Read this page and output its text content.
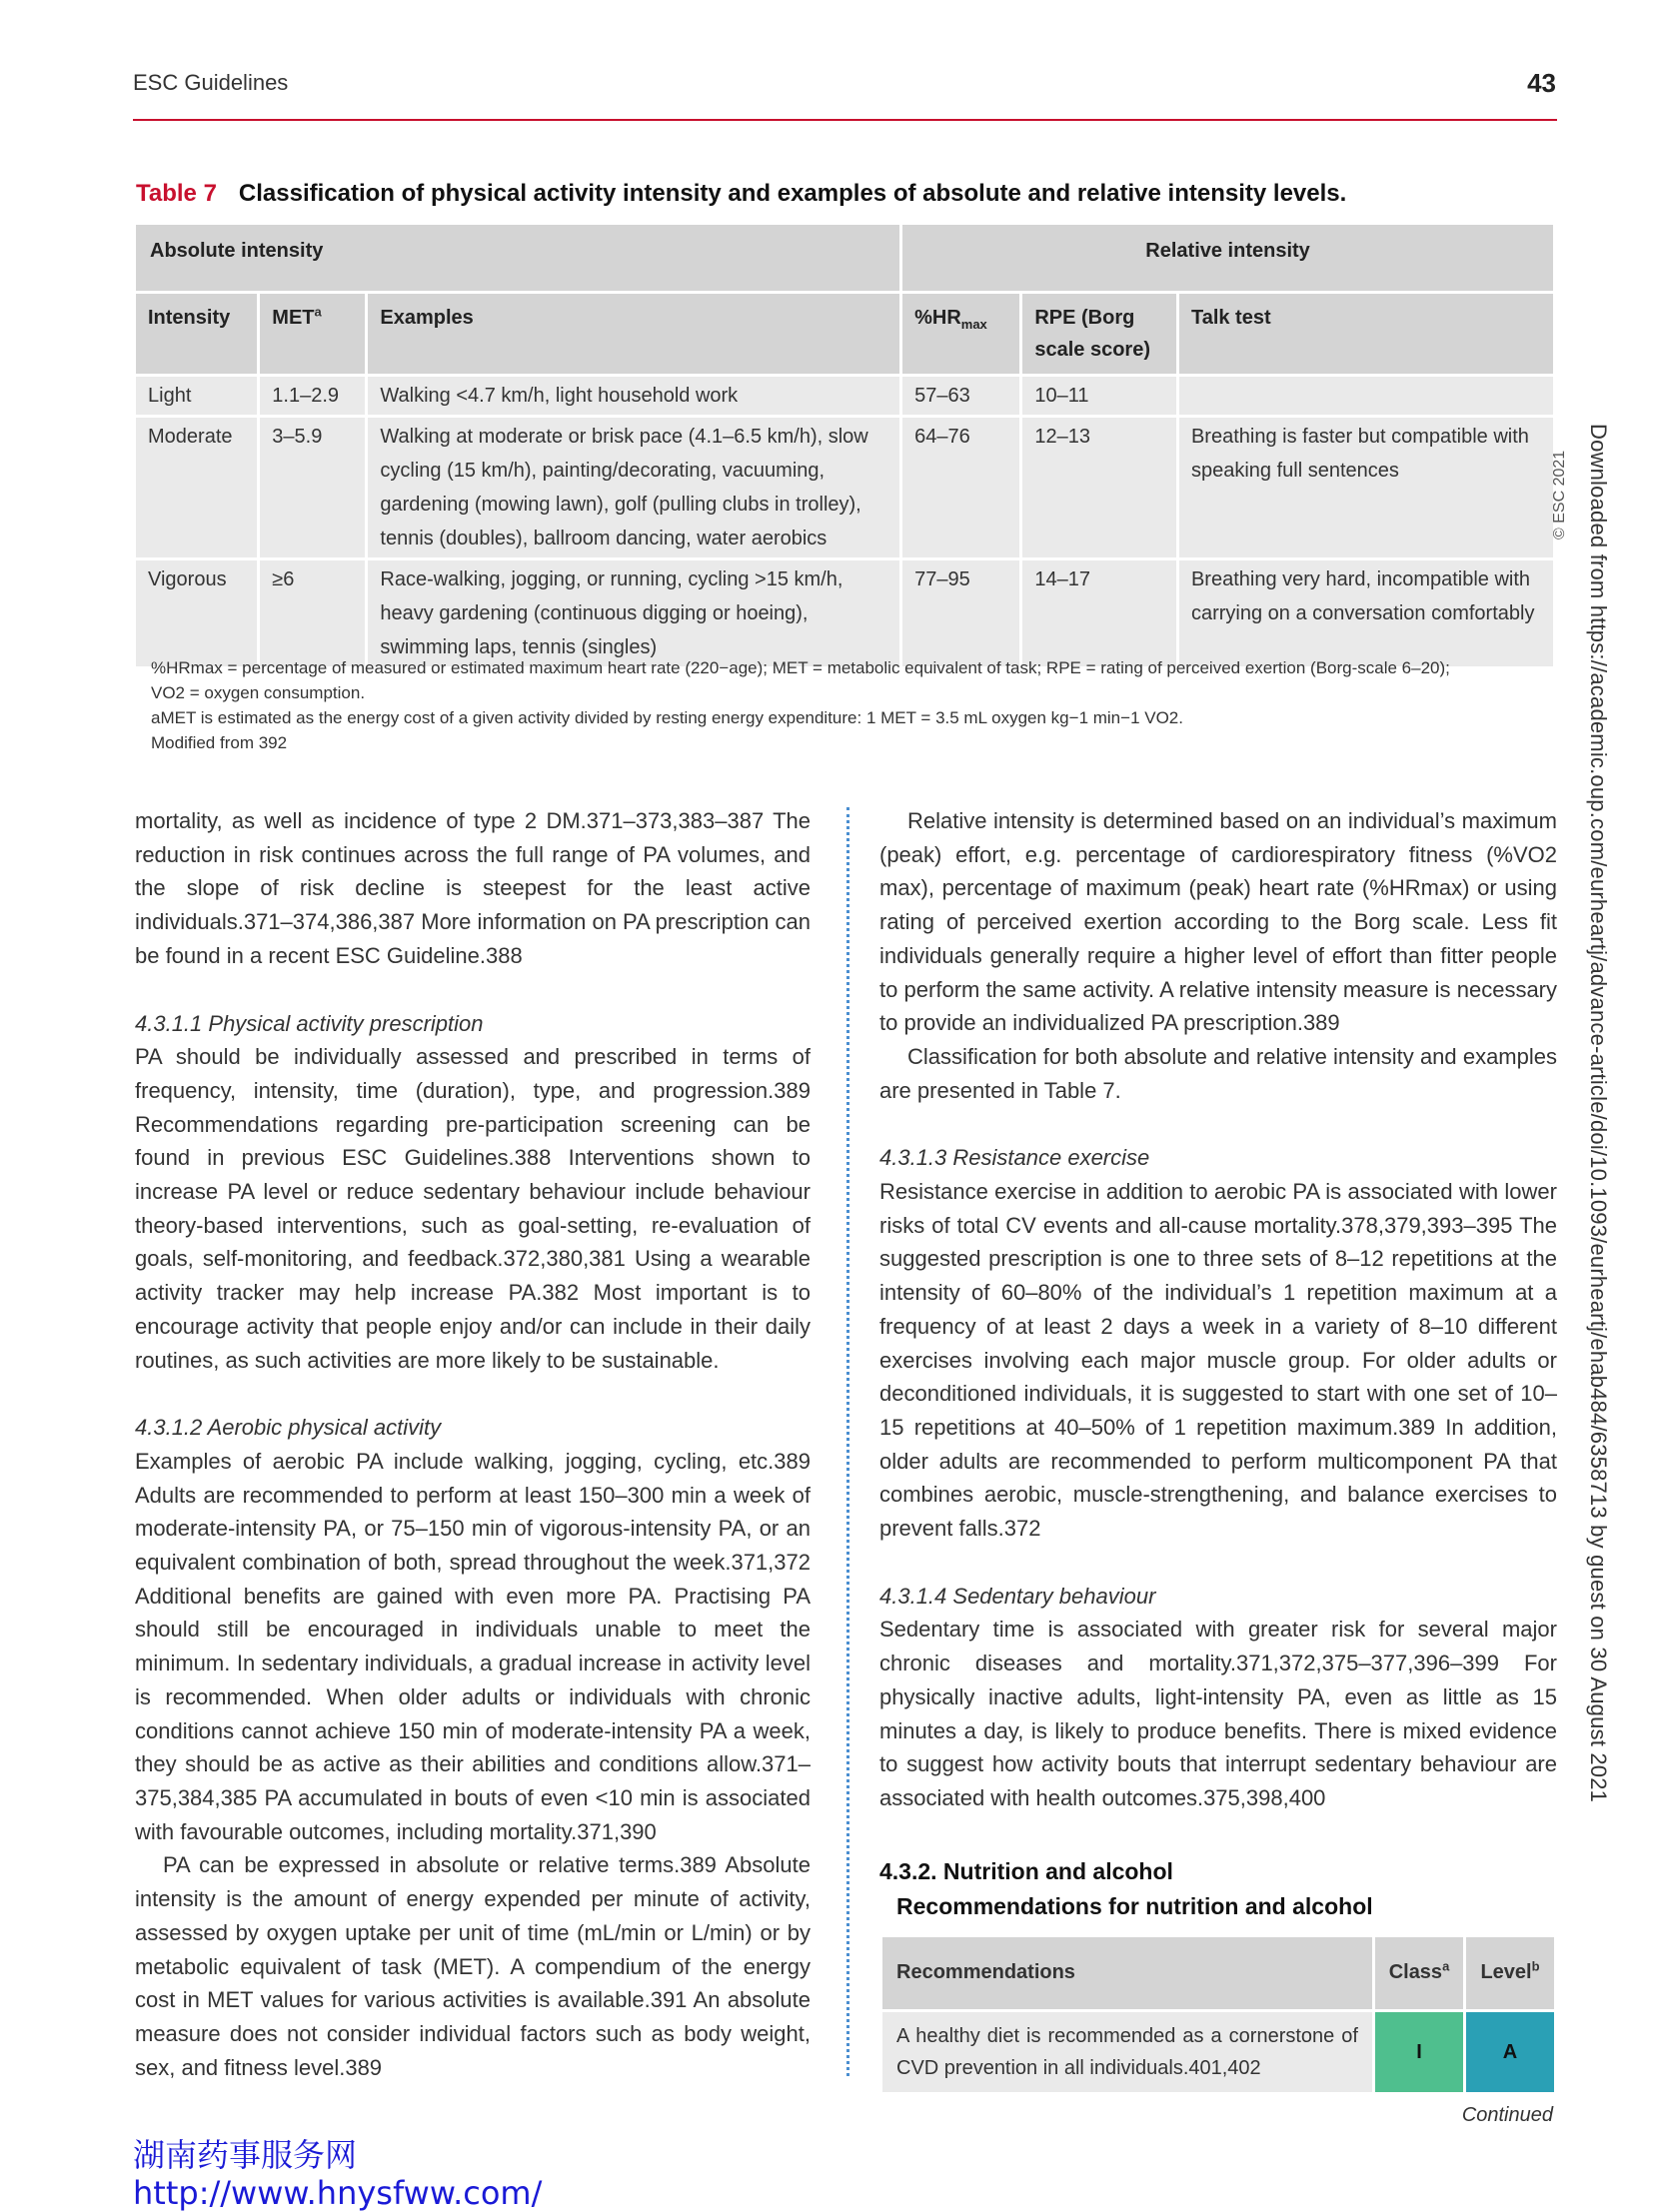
ESC Guidelines	43
Table 7 Classification of physical activity intensity and examples of absolute and relative intensity levels.
Absolute intensity			Relative intensity		
Intensity	MET$^a$	Examples	$\%HR_{max}$	RPE (Borg scale score)	Talk test
Light	1.1–2.9	Walking <4.7 km/h, light household work	57–63	10–11	
Moderate	3–5.9	Walking at moderate or brisk pace (4.1–6.5 km/h), slow cycling (15 km/h), painting/decorating, vacuuming, gardening (mowing lawn), golf (pulling clubs in trolley), tennis (doubles), ballroom dancing, water aerobics	64–76	12–13	Breathing is faster but compatible with speaking full sentences
Vigorous	≥6	Race-walking, jogging, or running, cycling >15 km/h, heavy gardening (continuous digging or hoeing), swimming laps, tennis (singles)	77–95	14–17	Breathing very hard, incompatible with carrying on a conversation comfortably
© ESC 2021 Downloaded from https://academic.oup.com/eurheartj/advance-article/doi/10.1093/eurheartj/ehab484/6358713 by guest on 30 August 2021
%HRmax = percentage of measured or estimated maximum heart rate (220−age); MET = metabolic equivalent of task; RPE = rating of perceived exertion (Borg-scale 6–20);
VO2 = oxygen consumption.
aMET is estimated as the energy cost of a given activity divided by resting energy expenditure: 1 MET = 3.5 mL oxygen kg−1 min−1 VO2.
Modified from 392

mortality, as well as incidence of type 2 DM.371–373,383–387 The reduction in risk continues across the full range of PA volumes, and the slope of risk decline is steepest for the least active individuals.371–374,386,387 More information on PA prescription can be found in a recent ESC Guideline.388

4.3.1.1 Physical activity prescription

PA should be individually assessed and prescribed in terms of frequency, intensity, time (duration), type, and progression.389 Recommendations regarding pre-participation screening can be found in previous ESC Guidelines.388 Interventions shown to increase PA level or reduce sedentary behaviour include behaviour theory-based interventions, such as goal-setting, re-evaluation of goals, self-monitoring, and feedback.372,380,381 Using a wearable activity tracker may help increase PA.382 Most important is to encourage activity that people enjoy and/or can include in their daily routines, as such activities are more likely to be sustainable.

4.3.1.2 Aerobic physical activity

Examples of aerobic PA include walking, jogging, cycling, etc.389 Adults are recommended to perform at least 150–300 min a week of moderate-intensity PA, or 75–150 min of vigorous-intensity PA, or an equivalent combination of both, spread throughout the week.371,372 Additional benefits are gained with even more PA. Practising PA should still be encouraged in individuals unable to meet the minimum. In sedentary individuals, a gradual increase in activity level is recommended. When older adults or individuals with chronic conditions cannot achieve 150 min of moderate-intensity PA a week, they should be as active as their abilities and conditions allow.371–375,384,385 PA accumulated in bouts of even <10 min is associated with favourable outcomes, including mortality.371,390

PA can be expressed in absolute or relative terms.389 Absolute intensity is the amount of energy expended per minute of activity, assessed by oxygen uptake per unit of time (mL/min or L/min) or by metabolic equivalent of task (MET). A compendium of the energy cost in MET values for various activities is available.391 An absolute measure does not consider individual factors such as body weight, sex, and fitness level.389

Relative intensity is determined based on an individual’s maximum (peak) effort, e.g. percentage of cardiorespiratory fitness (%VO2 max), percentage of maximum (peak) heart rate (%HRmax) or using rating of perceived exertion according to the Borg scale. Less fit individuals generally require a higher level of effort than fitter people to perform the same activity. A relative intensity measure is necessary to provide an individualized PA prescription.389

Classification for both absolute and relative intensity and examples are presented in Table 7.

4.3.1.3 Resistance exercise

Resistance exercise in addition to aerobic PA is associated with lower risks of total CV events and all-cause mortality.378,379,393–395 The suggested prescription is one to three sets of 8–12 repetitions at the intensity of 60–80% of the individual’s 1 repetition maximum at a frequency of at least 2 days a week in a variety of 8–10 different exercises involving each major muscle group. For older adults or deconditioned individuals, it is suggested to start with one set of 10–15 repetitions at 40–50% of 1 repetition maximum.389 In addition, older adults are recommended to perform multicomponent PA that combines aerobic, muscle-strengthening, and balance exercises to prevent falls.372

4.3.1.4 Sedentary behaviour

Sedentary time is associated with greater risk for several major chronic diseases and mortality.371,372,375–377,396–399 For physically inactive adults, light-intensity PA, even as little as 15 minutes a day, is likely to produce benefits. There is mixed evidence to suggest how activity bouts that interrupt sedentary behaviour are associated with health outcomes.375,398,400

4.3.2. Nutrition and alcohol

Recommendations for nutrition and alcohol

Recommendations	Class$^a$	Level$^b$
A healthy diet is recommended as a cornerstone of CVD prevention in all individuals.401,402	I	A
Continued
湖南药事服务网
http://www.hnysfww.com/
